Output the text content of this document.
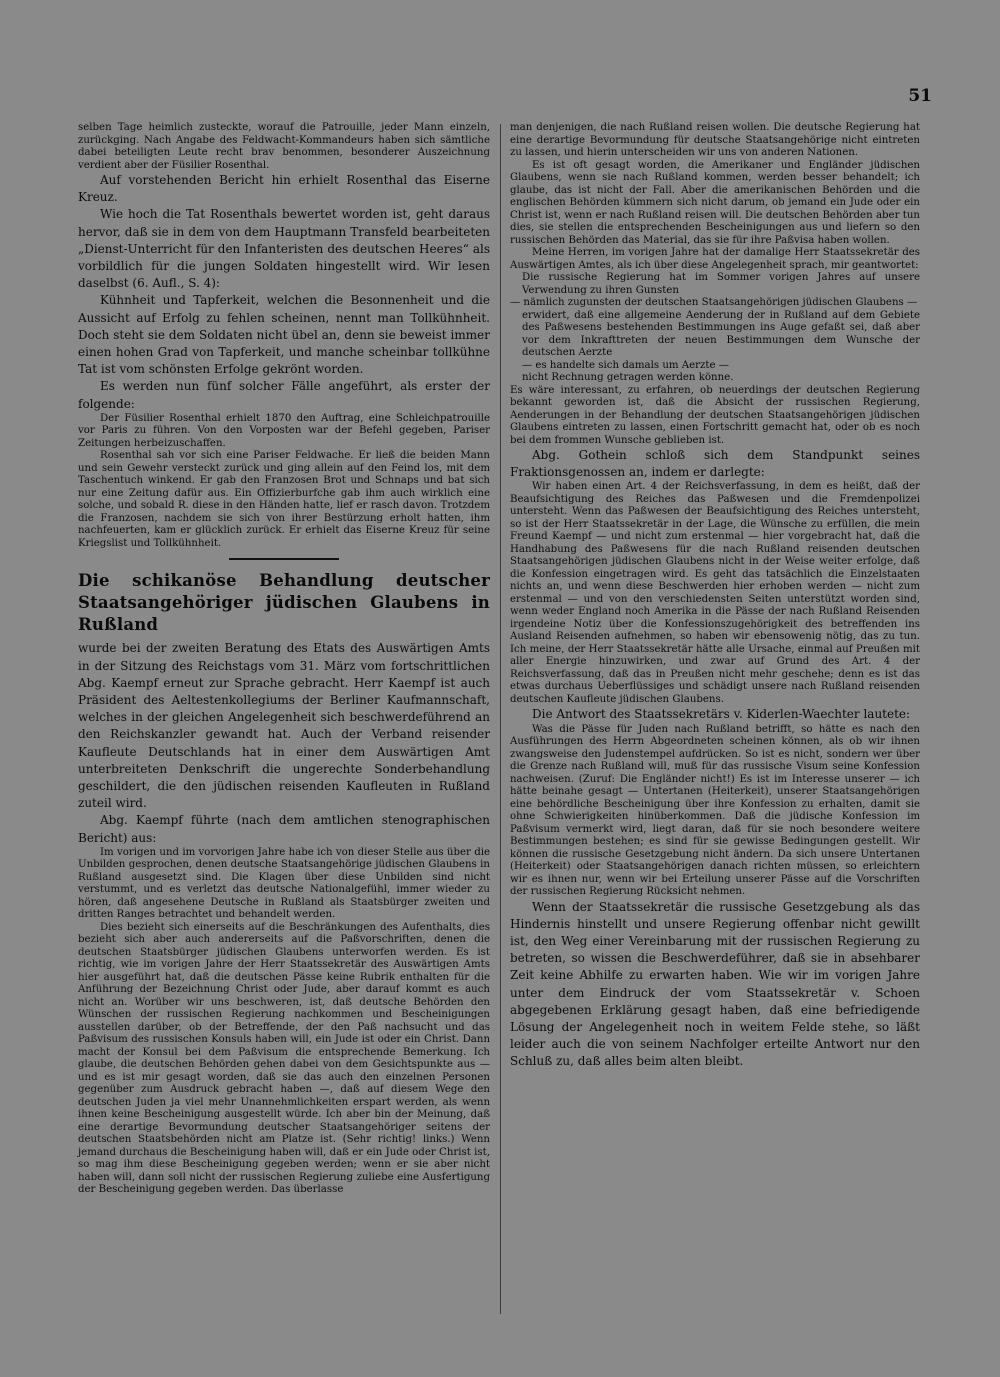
51

selben Tage heimlich zusteckte, worauf die Patrouille, jeder Mann einzeln, zurückging. Nach Angabe des Feldwacht-Kommandeurs haben sich sämtliche dabei beteiligten Leute recht brav benommen, besonderer Auszeichnung verdient aber der Füsilier Rosenthal.

Auf vorstehenden Bericht hin erhielt Rosenthal das Eiserne Kreuz.

Wie hoch die Tat Rosenthals bewertet worden ist, geht daraus hervor, daß sie in dem von dem Hauptmann Transfeld bearbeiteten „Dienst-Unterricht für den Infanteristen des deutschen Heeres“ als vorbildlich für die jungen Soldaten hingestellt wird. Wir lesen daselbst (6. Aufl., S. 4):

Kühnheit und Tapferkeit, welchen die Besonnenheit und die Aussicht auf Erfolg zu fehlen scheinen, nennt man Tollkühnheit. Doch steht sie dem Soldaten nicht übel an, denn sie beweist immer einen hohen Grad von Tapferkeit, und manche scheinbar tollkühne Tat ist vom schönsten Erfolge gekrönt worden.

Es werden nun fünf solcher Fälle angeführt, als erster der folgende:

Der Füsilier Rosenthal erhielt 1870 den Auftrag, eine Schleichpatrouille vor Paris zu führen. Von den Vorposten war der Befehl gegeben, Pariser Zeitungen herbeizuschaffen.

Rosenthal sah vor sich eine Pariser Feldwache. Er ließ die beiden Mann und sein Gewehr versteckt zurück und ging allein auf den Feind los, mit dem Taschentuch winkend. Er gab den Franzosen Brot und Schnaps und bat sich nur eine Zeitung dafür aus. Ein Offizierburfche gab ihm auch wirklich eine solche, und sobald R. diese in den Händen hatte, lief er rasch davon. Trotzdem die Franzosen, nachdem sie sich von ihrer Bestürzung erholt hatten, ihm nachfeuerten, kam er glücklich zurück. Er erhielt das Eiserne Kreuz für seine Kriegslist und Tollkühnheit.

Die schikanöse Behandlung deutscher Staatsangehöriger jüdischen Glaubens in Rußland

wurde bei der zweiten Beratung des Etats des Auswärtigen Amts in der Sitzung des Reichstags vom 31. März vom fortschrittlichen Abg. Kaempf erneut zur Sprache gebracht. Herr Kaempf ist auch Präsident des Aeltestenkollegiums der Berliner Kaufmannschaft, welches in der gleichen Angelegenheit sich beschwerdeführend an den Reichskanzler gewandt hat. Auch der Verband reisender Kaufleute Deutschlands hat in einer dem Auswärtigen Amt unterbreiteten Denkschrift die ungerechte Sonderbehandlung geschildert, die den jüdischen reisenden Kaufleuten in Rußland zuteil wird.

Abg. Kaempf führte (nach dem amtlichen stenographischen Bericht) aus:

Im vorigen und im vorvorigen Jahre habe ich von dieser Stelle aus über die Unbilden gesprochen, denen deutsche Staatsangehörige jüdischen Glaubens in Rußland ausgesetzt sind. Die Klagen über diese Unbilden sind nicht verstummt, und es verletzt das deutsche Nationalgefühl, immer wieder zu hören, daß angesehene Deutsche in Rußland als Staatsbürger zweiten und dritten Ranges betrachtet und behandelt werden.

Dies bezieht sich einerseits auf die Beschränkungen des Aufenthalts, dies bezieht sich aber auch andererseits auf die Paßvorschriften, denen die deutschen Staatsbürger jüdischen Glaubens unterworfen werden. Es ist richtig, wie im vorigen Jahre der Herr Staatssekretär des Auswärtigen Amts hier ausgeführt hat, daß die deutschen Pässe keine Rubrik enthalten für die Anführung der Bezeichnung Christ oder Jude, aber darauf kommt es auch nicht an. Worüber wir uns beschweren, ist, daß deutsche Behörden den Wünschen der russischen Regierung nachkommen und Bescheinigungen ausstellen darüber, ob der Betreffende, der den Paß nachsucht und das Paßvisum des russischen Konsuls haben will, ein Jude ist oder ein Christ. Dann macht der Konsul bei dem Paßvisum die entsprechende Bemerkung. Ich glaube, die deutschen Behörden gehen dabei von dem Gesichtspunkte aus — und es ist mir gesagt worden, daß sie das auch den einzelnen Personen gegenüber zum Ausdruck gebracht haben —, daß auf diesem Wege den deutschen Juden ja viel mehr Unannehmlichkeiten erspart werden, als wenn ihnen keine Bescheinigung ausgestellt würde. Ich aber bin der Meinung, daß eine derartige Bevormundung deutscher Staatsangehöriger seitens der deutschen Staatsbehörden nicht am Platze ist. (Sehr richtig! links.) Wenn jemand durchaus die Bescheinigung haben will, daß er ein Jude oder Christ ist, so mag ihm diese Bescheinigung gegeben werden; wenn er sie aber nicht haben will, dann soll nicht der russischen Regierung zuliebe eine Ausfertigung der Bescheinigung gegeben werden. Das überlasse

man denjenigen, die nach Rußland reisen wollen. Die deutsche Regierung hat eine derartige Bevormundung für deutsche Staatsangehörige nicht eintreten zu lassen, und hierin unterscheiden wir uns von anderen Nationen.

Es ist oft gesagt worden, die Amerikaner und Engländer jüdischen Glaubens, wenn sie nach Rußland kommen, werden besser behandelt; ich glaube, das ist nicht der Fall. Aber die amerikanischen Behörden und die englischen Behörden kümmern sich nicht darum, ob jemand ein Jude oder ein Christ ist, wenn er nach Rußland reisen will. Die deutschen Behörden aber tun dies, sie stellen die entsprechenden Bescheinigungen aus und liefern so den russischen Behörden das Material, das sie für ihre Paßvisa haben wollen.

Meine Herren, im vorigen Jahre hat der damalige Herr Staatssekretär des Auswärtigen Amtes, als ich über diese Angelegenheit sprach, mir geantwortet:

Die russische Regierung hat im Sommer vorigen Jahres auf unsere Verwendung zu ihren Gunsten

— nämlich zugunsten der deutschen Staatsangehörigen jüdischen Glaubens —

erwidert, daß eine allgemeine Aenderung der in Rußland auf dem Gebiete des Paßwesens bestehenden Bestimmungen ins Auge gefaßt sei, daß aber vor dem Inkrafttreten der neuen Bestimmungen dem Wunsche der deutschen Aerzte

— es handelte sich damals um Aerzte —

nicht Rechnung getragen werden könne.

Es wäre interessant, zu erfahren, ob neuerdings der deutschen Regierung bekannt geworden ist, daß die Absicht der russischen Regierung, Aenderungen in der Behandlung der deutschen Staatsangehörigen jüdischen Glaubens eintreten zu lassen, einen Fortschritt gemacht hat, oder ob es noch bei dem frommen Wunsche geblieben ist.

Abg. Gothein schloß sich dem Standpunkt seines Fraktionsgenossen an, indem er darlegte:

Wir haben einen Art. 4 der Reichsverfassung, in dem es heißt, daß der Beaufsichtigung des Reiches das Paßwesen und die Fremdenpolizei untersteht. Wenn das Paßwesen der Beaufsichtigung des Reiches untersteht, so ist der Herr Staatssekretär in der Lage, die Wünsche zu erfüllen, die mein Freund Kaempf — und nicht zum erstenmal — hier vorgebracht hat, daß die Handhabung des Paßwesens für die nach Rußland reisenden deutschen Staatsangehörigen jüdischen Glaubens nicht in der Weise weiter erfolge, daß die Konfession eingetragen wird. Es geht das tatsächlich die Einzelstaaten nichts an, und wenn diese Beschwerden hier erhoben werden — nicht zum erstenmal — und von den verschiedensten Seiten unterstützt worden sind, wenn weder England noch Amerika in die Pässe der nach Rußland Reisenden irgendeine Notiz über die Konfessionszugehörigkeit des betreffenden ins Ausland Reisenden aufnehmen, so haben wir ebensowenig nötig, das zu tun. Ich meine, der Herr Staatssekretär hätte alle Ursache, einmal auf Preußen mit aller Energie hinzuwirken, und zwar auf Grund des Art. 4 der Reichsverfassung, daß das in Preußen nicht mehr geschehe; denn es ist das etwas durchaus Ueberflüssiges und schädigt unsere nach Rußland reisenden deutschen Kaufleute jüdischen Glaubens.

Die Antwort des Staatssekretärs v. Kiderlen-Waechter lautete:

Was die Pässe für Juden nach Rußland betrifft, so hätte es nach den Ausführungen des Herrn Abgeordneten scheinen können, als ob wir ihnen zwangsweise den Judenstempel aufdrücken. So ist es nicht, sondern wer über die Grenze nach Rußland will, muß für das russische Visum seine Konfession nachweisen. (Zuruf: Die Engländer nicht!) Es ist im Interesse unserer — ich hätte beinahe gesagt — Untertanen (Heiterkeit), unserer Staatsangehörigen eine behördliche Bescheinigung über ihre Konfession zu erhalten, damit sie ohne Schwierigkeiten hinüberkommen. Daß die jüdische Konfession im Paßvisum vermerkt wird, liegt daran, daß für sie noch besondere weitere Bestimmungen bestehen; es sind für sie gewisse Bedingungen gestellt. Wir können die russische Gesetzgebung nicht ändern. Da sich unsere Untertanen (Heiterkeit) oder Staatsangehörigen danach richten müssen, so erleichtern wir es ihnen nur, wenn wir bei Erteilung unserer Pässe auf die Vorschriften der russischen Regierung Rücksicht nehmen.

Wenn der Staatssekretär die russische Gesetzgebung als das Hindernis hinstellt und unsere Regierung offenbar nicht gewillt ist, den Weg einer Vereinbarung mit der russischen Regierung zu betreten, so wissen die Beschwerdeführer, daß sie in absehbarer Zeit keine Abhilfe zu erwarten haben. Wie wir im vorigen Jahre unter dem Eindruck der vom Staatssekretär v. Schoen abgegebenen Erklärung gesagt haben, daß eine befriedigende Lösung der Angelegenheit noch in weitem Felde stehe, so läßt leider auch die von seinem Nachfolger erteilte Antwort nur den Schluß zu, daß alles beim alten bleibt.
